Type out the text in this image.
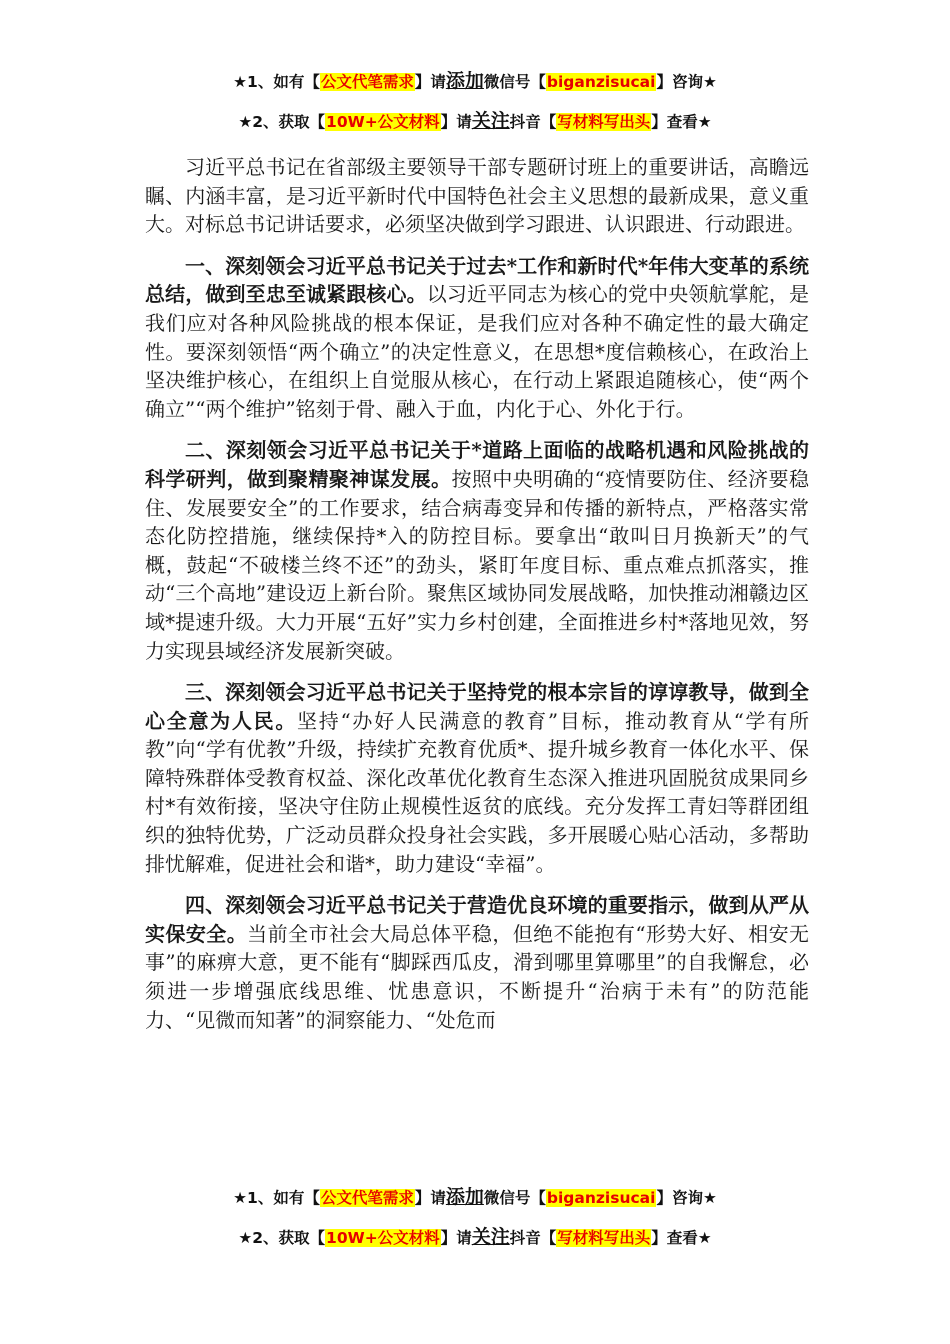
★1、如有【公文代笔需求】请添加微信号【biganzisucai】咨询★
★2、获取【10W+公文材料】请关注抖音【写材料写出头】查看★

习近平总书记在省部级主要领导干部专题研讨班上的重要讲话，高瞻远瞩、内涵丰富，是习近平新时代中国特色社会主义思想的最新成果，意义重大。对标总书记讲话要求，必须坚决做到学习跟进、认识跟进、行动跟进。

一、深刻领会习近平总书记关于过去*工作和新时代*年伟大变革的系统总结，做到至忠至诚紧跟核心。以习近平同志为核心的党中央领航掌舵，是我们应对各种风险挑战的根本保证，是我们应对各种不确定性的最大确定性。要深刻领悟“两个确立”的决定性意义，在思想*度信赖核心，在政治上坚决维护核心，在组织上自觉服从核心，在行动上紧跟追随核心，使“两个确立”“两个维护”铭刻于骨、融入于血，内化于心、外化于行。

二、深刻领会习近平总书记关于*道路上面临的战略机遇和风险挑战的科学研判，做到聚精聚神谋发展。按照中央明确的“疫情要防住、经济要稳住、发展要安全”的工作要求，结合病毒变异和传播的新特点，严格落实常态化防控措施，继续保持*入的防控目标。要拿出“敢叫日月换新天”的气概，鼓起“不破楼兰终不还”的劲头，紧盯年度目标、重点难点抓落实，推动“三个高地”建设迈上新台阶。聚焦区域协同发展战略，加快推动湘赣边区域*提速升级。大力开展“五好”实力乡村创建，全面推进乡村*落地见效，努力实现县域经济发展新突破。

三、深刻领会习近平总书记关于坚持党的根本宗旨的谆谆教导，做到全心全意为人民。坚持“办好人民满意的教育”目标，推动教育从“学有所教”向“学有优教”升级，持续扩充教育优质*、提升城乡教育一体化水平、保障特殊群体受教育权益、深化改革优化教育生态深入推进巩固脱贫成果同乡村*有效衔接，坚决守住防止规模性返贫的底线。充分发挥工青妇等群团组织的独特优势，广泛动员群众投身社会实践，多开展暖心贴心活动，多帮助排忧解难，促进社会和谐*，助力建设“幸福”。

四、深刻领会习近平总书记关于营造优良环境的重要指示，做到从严从实保安全。当前全市社会大局总体平稳，但绝不能抱有“形势大好、相安无事”的麻痹大意，更不能有“脚踩西瓜皮，滑到哪里算哪里”的自我懈怠，必须进一步增强底线思维、忧患意识，不断提升“治病于未有”的防范能力、“见微而知著”的洞察能力、“处危而

★1、如有【公文代笔需求】请添加微信号【biganzisucai】咨询★
★2、获取【10W+公文材料】请关注抖音【写材料写出头】查看★
